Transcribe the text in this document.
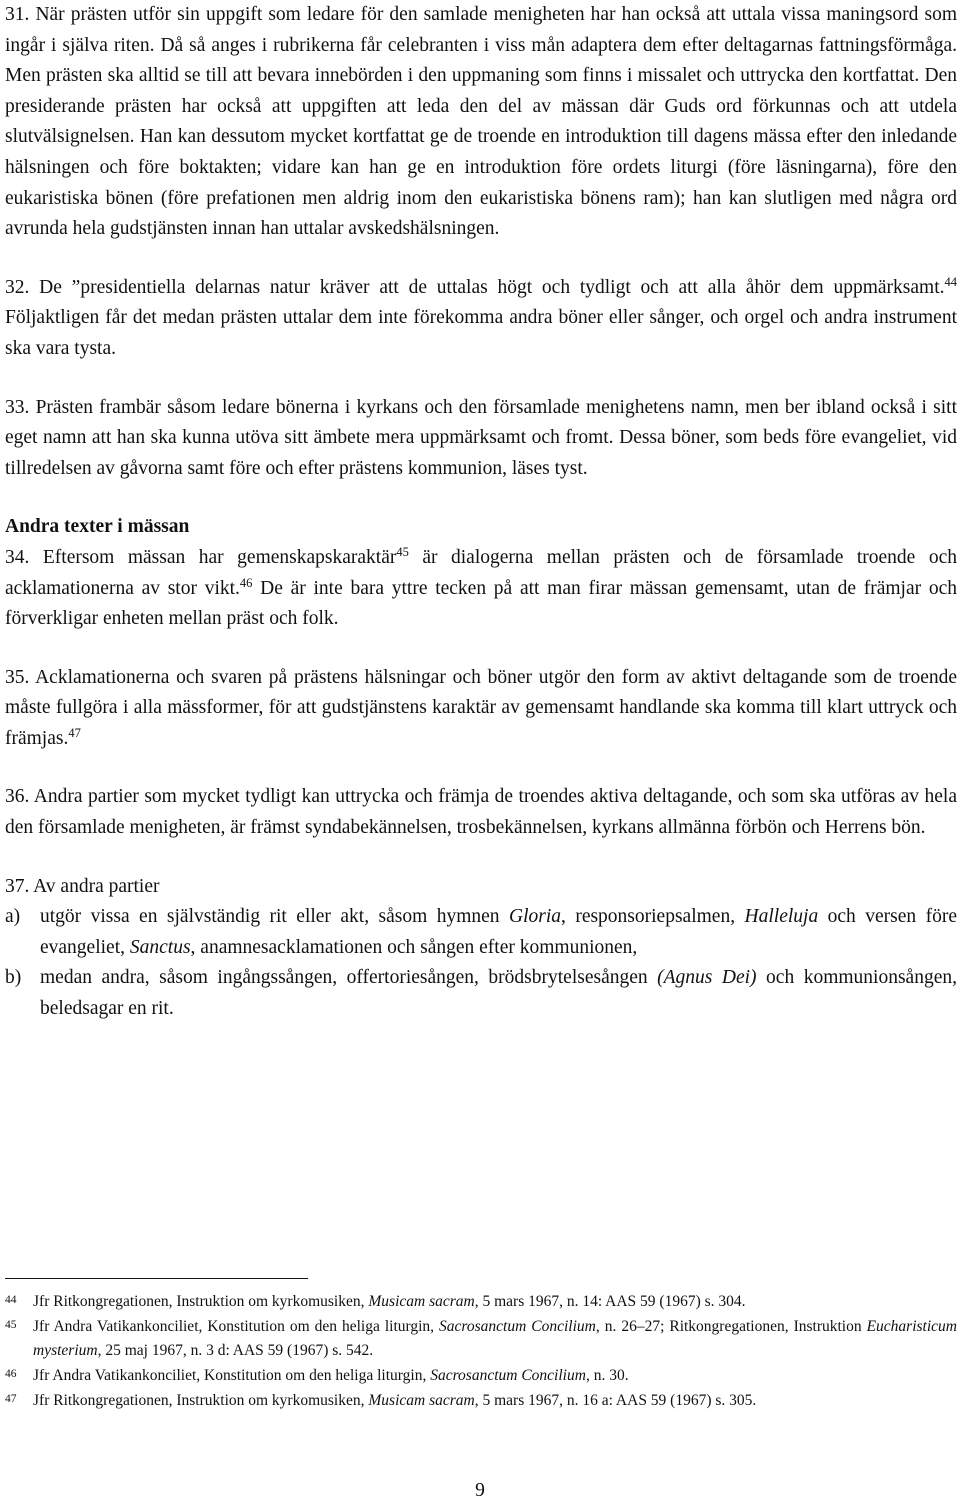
31. När prästen utför sin uppgift som ledare för den samlade menigheten har han också att uttala vissa maningsord som ingår i själva riten. Då så anges i rubrikerna får celebranten i viss mån adaptera dem efter deltagarnas fattningsförmåga. Men prästen ska alltid se till att bevara innebörden i den uppmaning som finns i missalet och uttrycka den kortfattat. Den presiderande prästen har också att uppgiften att leda den del av mässan där Guds ord förkunnas och att utdela slutvälsignelsen. Han kan dessutom mycket kortfattat ge de troende en introduktion till dagens mässa efter den inledande hälsningen och före boktakten; vidare kan han ge en introduktion före ordets liturgi (före läsningarna), före den eukaristiska bönen (före prefationen men aldrig inom den eukaristiska bönens ram); han kan slutligen med några ord avrunda hela gudstjänsten innan han uttalar avskedshälsningen.

32. De ”presidentiella delarnas natur kräver att de uttalas högt och tydligt och att alla åhör dem uppmärksamt.$^{44}$ Följaktligen får det medan prästen uttalar dem inte förekomma andra böner eller sånger, och orgel och andra instrument ska vara tysta.

33. Prästen frambär såsom ledare bönerna i kyrkans och den församlade menighetens namn, men ber ibland också i sitt eget namn att han ska kunna utöva sitt ämbete mera uppmärksamt och fromt. Dessa böner, som beds före evangeliet, vid tillredelsen av gåvorna samt före och efter prästens kommunion, läses tyst.

Andra texter i mässan

34. Eftersom mässan har gemenskapskaraktär$^{45}$ är dialogerna mellan prästen och de församlade troende och acklamationerna av stor vikt.$^{46}$ De är inte bara yttre tecken på att man firar mässan gemensamt, utan de främjar och förverkligar enheten mellan präst och folk.

35. Acklamationerna och svaren på prästens hälsningar och böner utgör den form av aktivt deltagande som de troende måste fullgöra i alla mässformer, för att gudstjänstens karaktär av gemensamt handlande ska komma till klart uttryck och främjas.$^{47}$

36. Andra partier som mycket tydligt kan uttrycka och främja de troendes aktiva deltagande, och som ska utföras av hela den församlade menigheten, är främst syndabekännelsen, trosbekännelsen, kyrkans allmänna förbön och Herrens bön.

37. Av andra partier

a)	utgör vissa en självständig rit eller akt, såsom hymnen Gloria, responsoriepsalmen, Halleluja och versen före evangeliet, Sanctus, anamnesacklamationen och sången efter kommunionen,
b) medan andra, såsom ingångssången, offertoriesången, brödsbrytelsesången (Agnus Dei) och kommunionsången, beledsagar en rit.
44	Jfr Ritkongregationen, Instruktion om kyrkomusiken, Musicam sacram, 5 mars 1967, n. 14: AAS 59 (1967) s. 304.
45	Jfr Andra Vatikankonciliet, Konstitution om den heliga liturgin, Sacrosanctum Concilium, n. 26–27; Ritkongregationen, Instruktion Eucharisticum mysterium, 25 maj 1967, n. 3 d: AAS 59 (1967) s. 542.
46	Jfr Andra Vatikankonciliet, Konstitution om den heliga liturgin, Sacrosanctum Concilium, n. 30.
47	Jfr Ritkongregationen, Instruktion om kyrkomusiken, Musicam sacram, 5 mars 1967, n. 16 a: AAS 59 (1967) s. 305.
9
